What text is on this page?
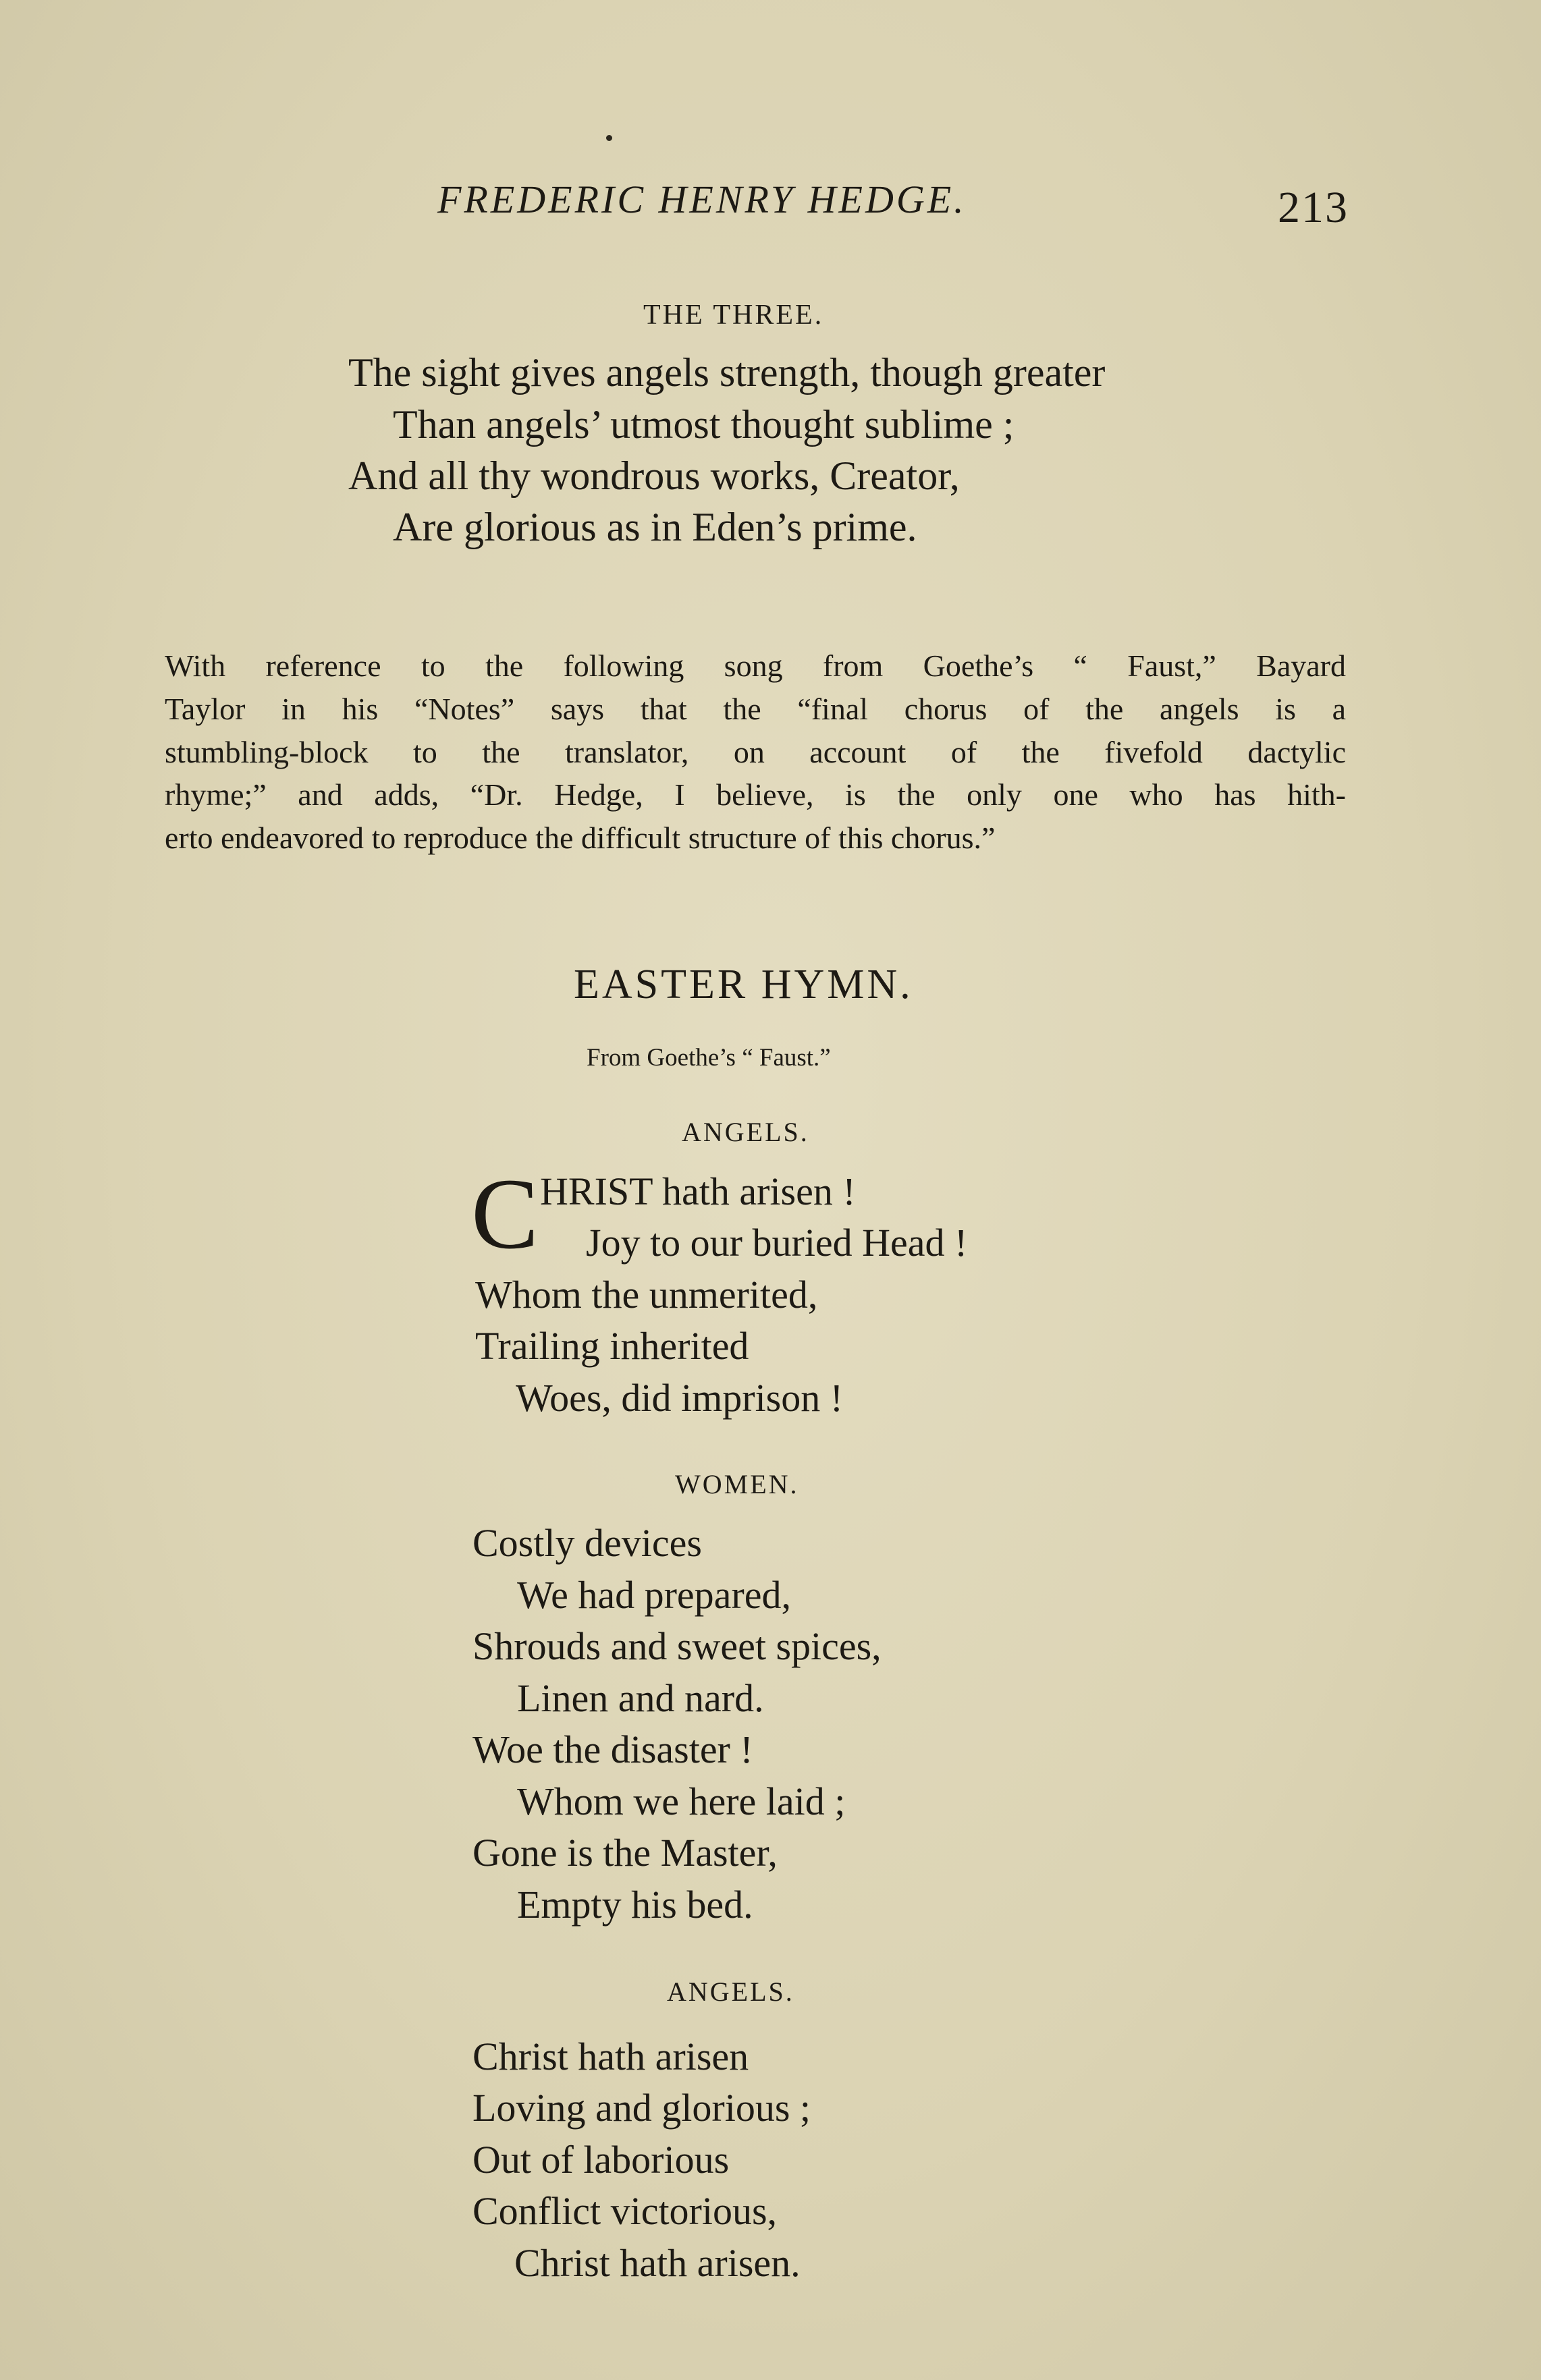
FREDERIC HENRY HEDGE.	213
THE THREE.
The sight gives angels strength, though greater
Than angels’ utmost thought sublime ;
And all thy wondrous works, Creator,
Are glorious as in Eden’s prime.
With reference to the following song from Goethe’s “ Faust,” Bayard
Taylor in his “Notes” says that the “final chorus of the angels is a
stumbling-block to the translator, on account of the fivefold dactylic
rhyme;” and adds, “Dr. Hedge, I believe, is the only one who has hith-
erto endeavored to reproduce the difficult structure of this chorus.”
EASTER HYMN.
From Goethe’s “ Faust.”
ANGELS.
C HRIST hath arisen !
Joy to our buried Head !
Whom the unmerited,
Trailing inherited
Woes, did imprison !
WOMEN.
Costly devices
We had prepared,
Shrouds and sweet spices,
Linen and nard.
Woe the disaster !
Whom we here laid ;
Gone is the Master,
Empty his bed.
ANGELS.
Christ hath arisen
Loving and glorious ;
Out of laborious
Conflict victorious,
Christ hath arisen.
